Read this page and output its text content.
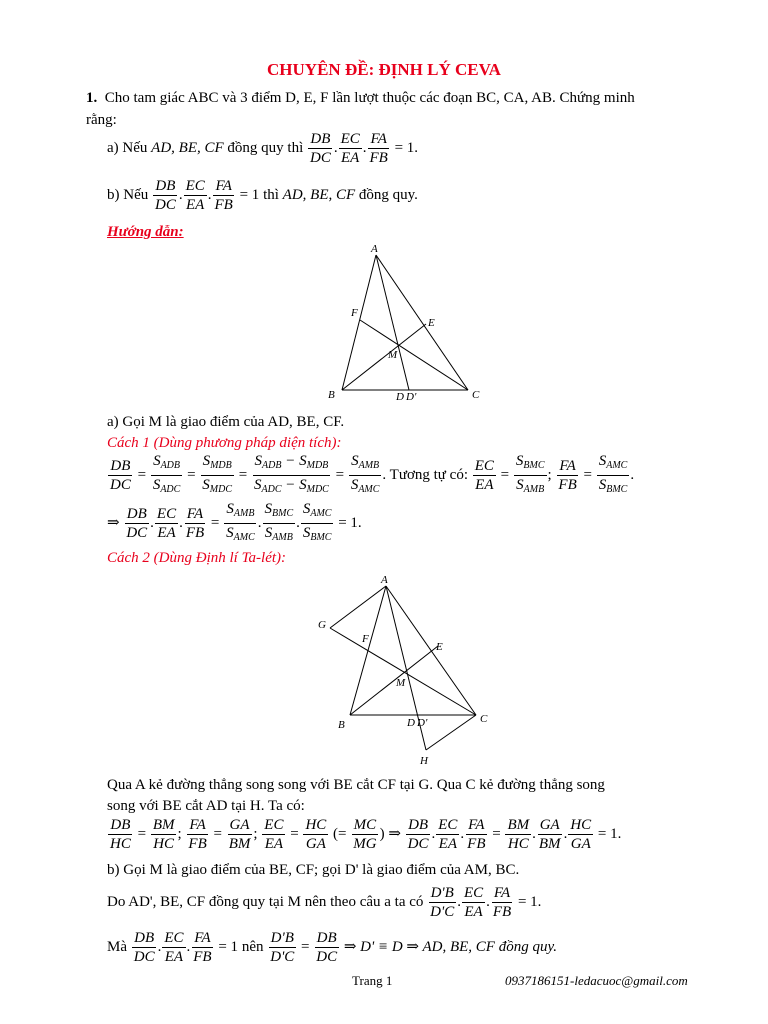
CHUYÊN ĐỀ: ĐỊNH LÝ CEVA
1. Cho tam giác ABC và 3 điểm D, E, F lần lượt thuộc các đoạn BC, CA, AB. Chứng minh
rằng:
a) Nếu AD, BE, CF đồng quy thì $\frac{DB}{DC}$ . $\frac{EC}{EA}$ . $\frac{FA}{FB} = 1$.
b) Nếu $\frac{DB}{DC}$ . $\frac{EC}{EA}$ . $\frac{FA}{FB} = 1$ thì AD, BE, CF đồng quy.
Hướng dẫn:
A
F
E
M
B	D D'	C
a) Gọi M là giao điểm của AD, BE, CF.
Cách 1 (Dùng phương pháp diện tích):
$\frac{DB}{DC} = \frac{S_{ADB}}{S_{ADC}} = \frac{S_{MDB}}{S_{MDC}} = \frac{S_{ADB} - S_{MDB}}{S_{ADC} - S_{MDC}} = \frac{S_{AMB}}{S_{AMC}}$ . Tương tự có: $\frac{EC}{EA} = \frac{S_{BMC}}{S_{AMB}}$ ; $\frac{FA}{FB} = \frac{S_{AMC}}{S_{BMC}}$ .
⇒ $\frac{DB}{DC}$ . $\frac{EC}{EA}$ . $\frac{FA}{FB} = \frac{S_{AMB}}{S_{AMC}}$ . $\frac{S_{BMC}}{S_{AMB}}$ . $\frac{S_{AMC}}{S_{BMC}} = 1$.
Cách 2 (Dùng Định lí Ta-lét):
A
G
F
E
M
B	D D'	C
H
Qua A kẻ đường thẳng song song với BE cắt CF tại G. Qua C kẻ đường thẳng song
song với BE cắt AD tại H. Ta có:
$\frac{DB}{HC} = \frac{BM}{HC}$ ; $\frac{FA}{FB} = \frac{GA}{BM}$ ; $\frac{EC}{EA} = \frac{HC}{GA}$ (= $\frac{MC}{MG}$ ) ⇒ $\frac{DB}{DC}$ . $\frac{EC}{EA}$ . $\frac{FA}{FB} = \frac{BM}{HC}$ . $\frac{GA}{BM}$ . $\frac{HC}{GA} = 1$.
b) Gọi M là giao điểm của BE, CF; gọi D' là giao điểm của AM, BC.
Do AD', BE, CF đồng quy tại M nên theo câu a ta có $\frac{D'B}{D'C}$ . $\frac{EC}{EA}$ . $\frac{FA}{FB} = 1$.
Mà $\frac{DB}{DC}$ . $\frac{EC}{EA}$ . $\frac{FA}{FB} = 1$ nên $\frac{D'B}{D'C} = \frac{DB}{DC}$ ⇒ D' ≡ D ⇒ AD, BE, CF đồng quy.
Trang 1	0937186151-ledacuoc@gmail.com
